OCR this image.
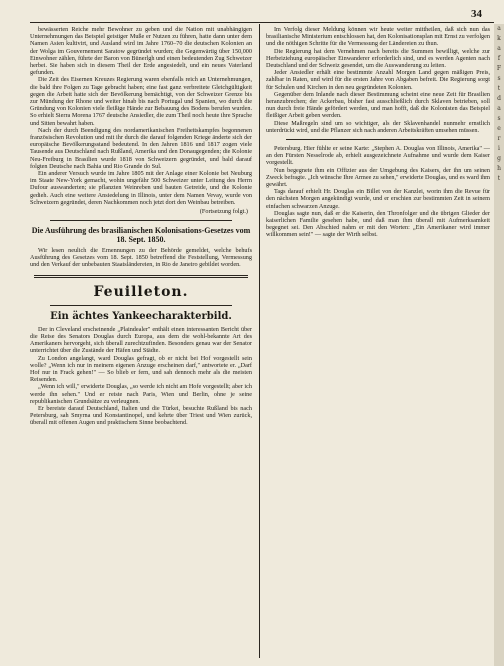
34

bewässerten Reiche mehr Bewohner zu geben und die Nation mit unabhängigen Unternehmungen das Beispiel geistiger Muße er Nutzen zu führen, hatte dann unter dem Namen Asien kultivirt, und Ausland wird im Jahre 1760–70 die deutschen Kolonien an der Wolga im Gouvernement Saratow gegründet wurden; die Gegenwärtig über 150,000 Einwohner zählen, führte der Baron von Bünerlgh und einen bedeutenden Zug Schweizer herbei. Sie haben sich in diesem Theil der Erde angesiedelt, und ein neues Vaterland gefunden.

Die Zeit des Eisernen Kreuzes Regierung waren ebenfalls reich an Unternehmungen, die bald ihre Folgen zu Tage gebracht haben; eine fast ganz verbreitete Gleichgültigkeit gegen die Arbeit hatte sich der Bevölkerung bemächtigt, von der Schweizer Grenze bis zur Mündung der Rhone und weiter hinab bis nach Portugal und Spanien, wo durch die Gründung von Kolonien viele fleißige Hände zur Bebauung des Bodens berufen wurden. So erhielt Sierra Morena 1767 deutsche Ansiedler, die zum Theil noch heute ihre Sprache und Sitten bewahrt haben.

Nach der durch Beendigung des nordamerikanischen Freiheitskampfes begonnenen französischen Revolution und mit ihr durch die darauf folgenden Kriege änderte sich der europäische Bevölkerungsstand bedeutend. In den Jahren 1816 und 1817 zogen viele Tausende aus Deutschland nach Rußland, Amerika und den Donaugegenden; die Kolonie Neu-Freiburg in Brasilien wurde 1818 von Schweizern gegründet, und bald darauf folgten Deutsche nach Bahia und Rio Grande do Sul.

Ein anderer Versuch wurde im Jahre 1805 mit der Anlage einer Kolonie bei Neuburg im Staate New-York gemacht, wohin ungefähr 500 Schweizer unter Leitung des Herrn Dufour auswanderten; sie pflanzten Weinreben und bauten Getreide, und die Kolonie gedieh. Auch eine weitere Ansiedelung in Illinois, unter dem Namen Vevay, wurde von Schweizern gegründet, deren Nachkommen noch jetzt dort den Weinbau betreiben.

(Fortsetzung folgt.)
Die Ausführung des brasilianischen Kolonisations-Gesetzes vom 18. Sept. 1850.

Wir lesen neulich die Ernennungen zu der Behörde gemeldet, welche behufs Ausführung des Gesetzes vom 18. Sept. 1850 betreffend die Feststellung, Vermessung und den Verkauf der unbebauten Staatsländereien, in Rio de Janeiro gebildet worden.

Feuilleton.
Ein ächtes Yankeecharakterbild.

Der in Cleveland erscheinende „Plaindealer" enthält einen interessanten Bericht über die Reise des Senators Douglas durch Europa, aus dem die wohl-bekannte Art des Amerikaners hervorgeht, sich überall zurechtzufinden. Besonders genau war der Senator unterrichtet über die Zustände der Häfen und Städte.

Zu London angelangt, ward Douglas gefragt, ob er nicht bei Hof vorgestellt sein wolle? „Wenn ich nur in meinem eigenen Anzuge erscheinen darf," antwortete er. „Darf Hof nur in Frack gehen!" — So blieb er fern, und sah dennoch mehr als die meisten Reisenden.

„Wenn ich will," erwiderte Douglas, „so werde ich nicht am Hofe vorgestellt; aber ich werde ihn sehen." Und er reiste nach Paris, Wien und Berlin, ohne je seine republikanischen Grundsätze zu verleugnen.

Er bereiste darauf Deutschland, Italien und die Türkei, besuchte Rußland bis nach Petersburg, sah Smyrna und Konstantinopel, und kehrte über Triest und Wien zurück, überall mit offenen Augen und praktischem Sinne beobachtend.

Im Verfolg dieser Meldung können wir heute weiter mittheilen, daß sich nun das brasilianische Ministerium entschlossen hat, den Kolonisationsplan mit Ernst zu verfolgen und die nöthigen Schritte für die Vermessung der Ländereien zu thun.

Die Regierung hat dem Vernehmen nach bereits die Summen bewilligt, welche zur Herbeiziehung europäischer Einwanderer erforderlich sind, und es werden Agenten nach Deutschland und der Schweiz gesendet, um die Auswanderung zu leiten.

Jeder Ansiedler erhält eine bestimmte Anzahl Morgen Land gegen mäßigen Preis, zahlbar in Raten, und wird für die ersten Jahre von Abgaben befreit. Die Regierung sorgt für Schulen und Kirchen in den neu gegründeten Kolonien.

Gegenüber dem Inlande nach dieser Bestimmung scheint eine neue Zeit für Brasilien heranzubrechen; der Ackerbau, bisher fast ausschließlich durch Sklaven betrieben, soll nun durch freie Hände gefördert werden, und man hofft, daß die Kolonisten das Beispiel fleißiger Arbeit geben werden.

Diese Maßregeln sind um so wichtiger, als der Sklavenhandel nunmehr ernstlich unterdrückt wird, und die Pflanzer sich nach anderen Arbeitskräften umsehen müssen.

Petersburg. Hier fühlte er seine Karte: „Stephen A. Douglas von Illinois, Amerika" — an den Fürsten Nesselrode ab, erhielt ausgezeichnete Aufnahme und wurde dem Kaiser vorgestellt.

Nun begegnete ihm ein Offizier aus der Umgebung des Kaisers, der ihn um seinen Zweck befragte. „Ich wünsche Ihre Armee zu sehen," erwiderte Douglas, und es ward ihm gewährt.

Tags darauf erhielt Hr. Douglas ein Billet von der Kanzlei, worin ihm die Revue für den nächsten Morgen angekündigt wurde, und er erschien zur bestimmten Zeit in seinem einfachen schwarzen Anzuge.

Douglas sagte nun, daß er die Kaiserin, den Thronfolger und die übrigen Glieder der kaiserlichen Familie gesehen habe, und daß man ihm überall mit Aufmerksamkeit begegnet sei. Den Abschied nahm er mit den Worten: „Ein Amerikaner wird immer willkommen sein!" — sagte der Wirth selbst.

a
k
a
f
F
s
t
d
a
s
e
r
i
g
h
t
